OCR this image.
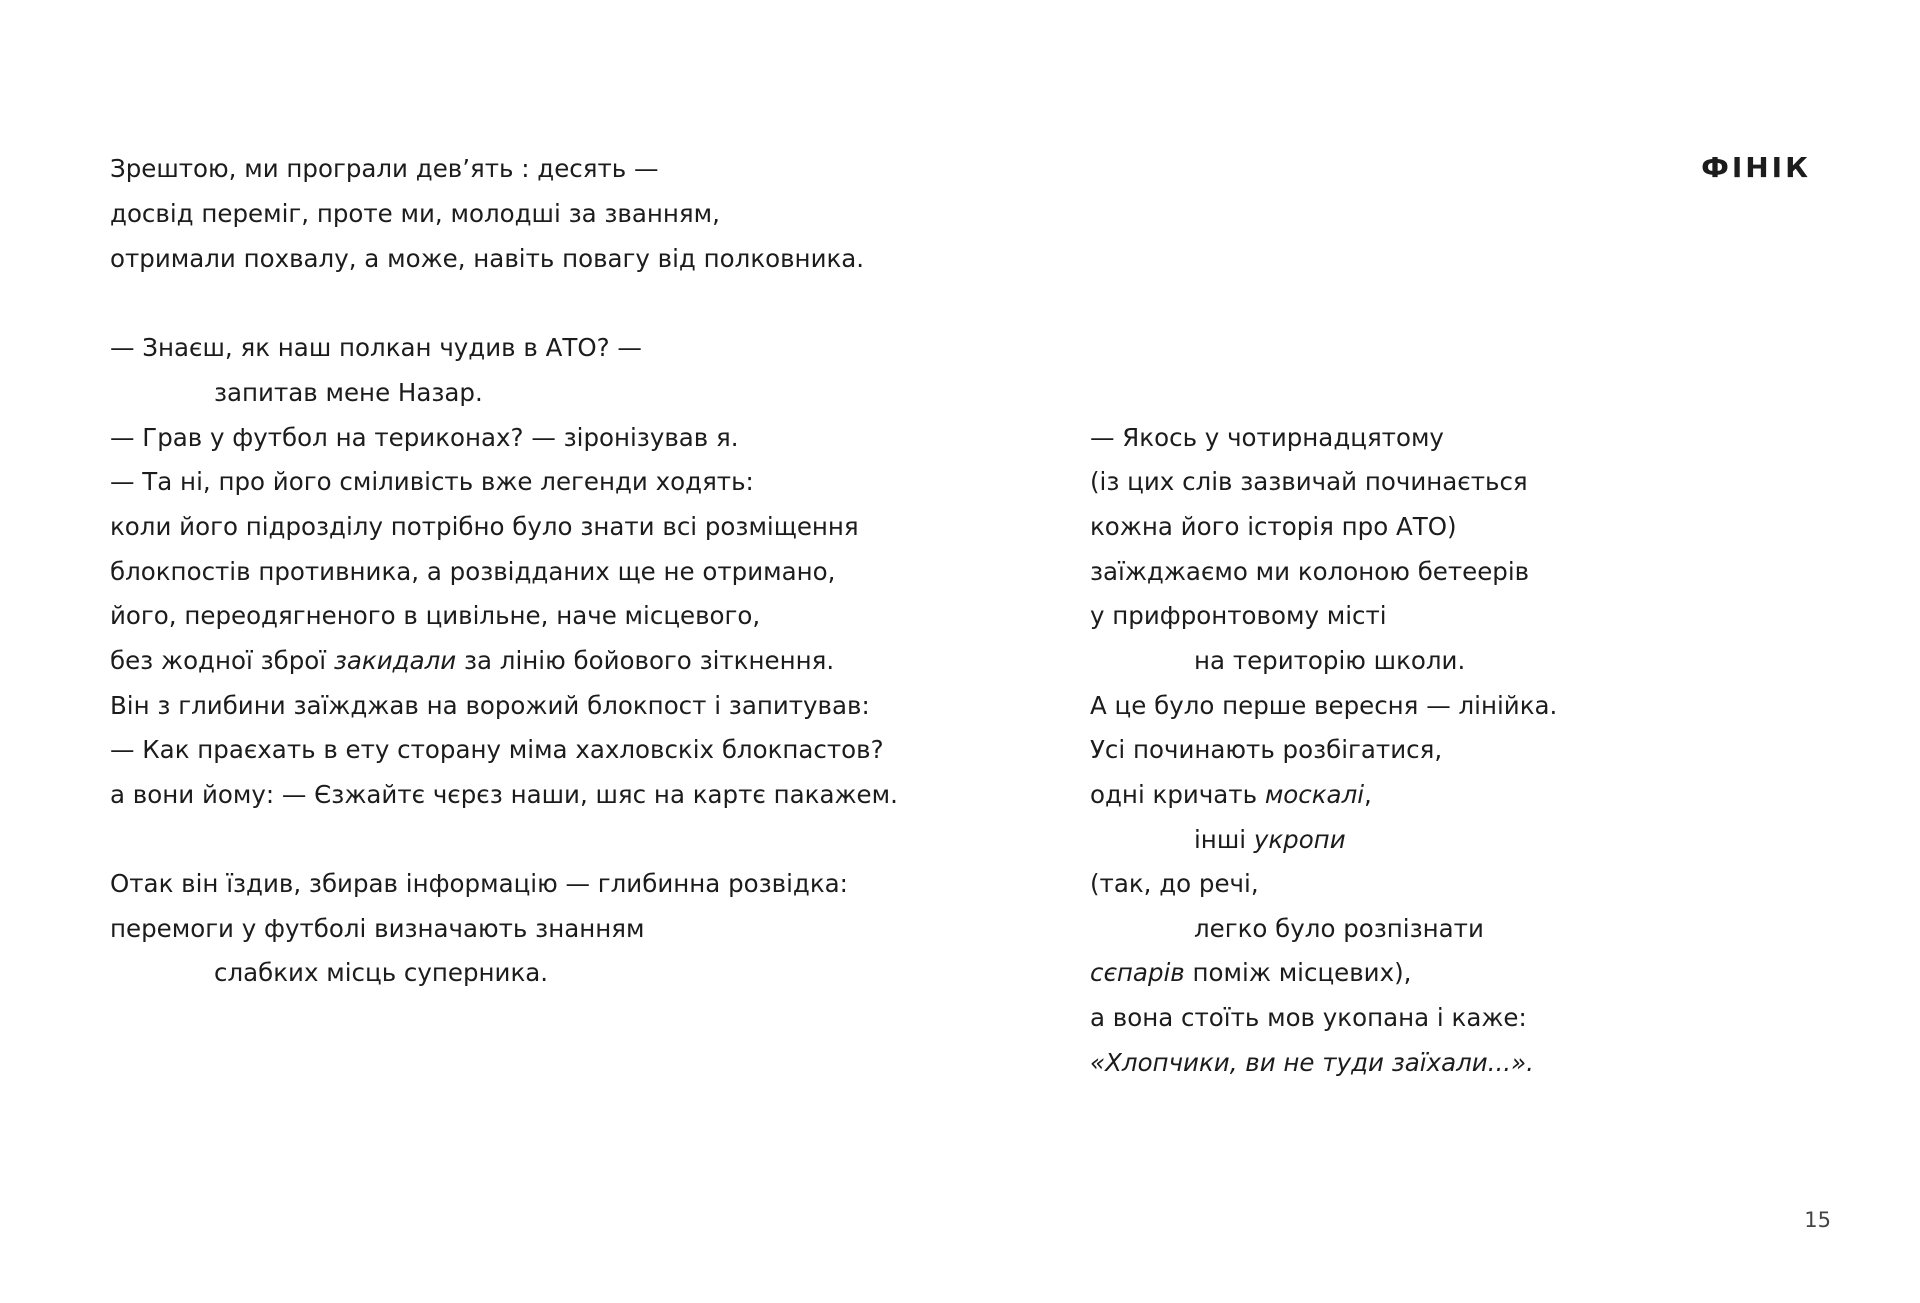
ФІНІК
Зрештою, ми програли дев’ять : десять —
досвід переміг, проте ми, молодші за званням,
отримали похвалу, а може, навіть повагу від полковника.
— Знаєш, як наш полкан чудив в АТО? —
запитав мене Назар.
— Грав у футбол на териконах? — зіронізував я.
— Та ні, про його сміливість вже легенди ходять:
коли його підрозділу потрібно було знати всі розміщення
блокпостів противника, а розвідданих ще не отримано,
його, переодягненого в цивільне, наче місцевого,
без жодної зброї закидали за лінію бойового зіткнення.
Він з глибини заїжджав на ворожий блокпост і запитував:
— Как праєхать в ету сторану міма хахловскіх блокпастов?
а вони йому: — Єзжайтє чєрєз наши, шяс на картє пакажем.
Отак він їздив, збирав інформацію — глибинна розвідка:
перемоги у футболі визначають знанням
слабких місць суперника.
— Якось у чотирнадцятому
(із цих слів зазвичай починається
кожна його історія про АТО)
заїжджаємо ми колоною бетеерів
у прифронтовому місті
на територію школи.
А це було перше вересня — лінійка.
Усі починають розбігатися,
одні кричать москалі,
інші укропи
(так, до речі,
легко було розпізнати
сєпарів поміж місцевих),
а вона стоїть мов укопана і каже:
«Хлопчики, ви не туди заїхали...».
15
